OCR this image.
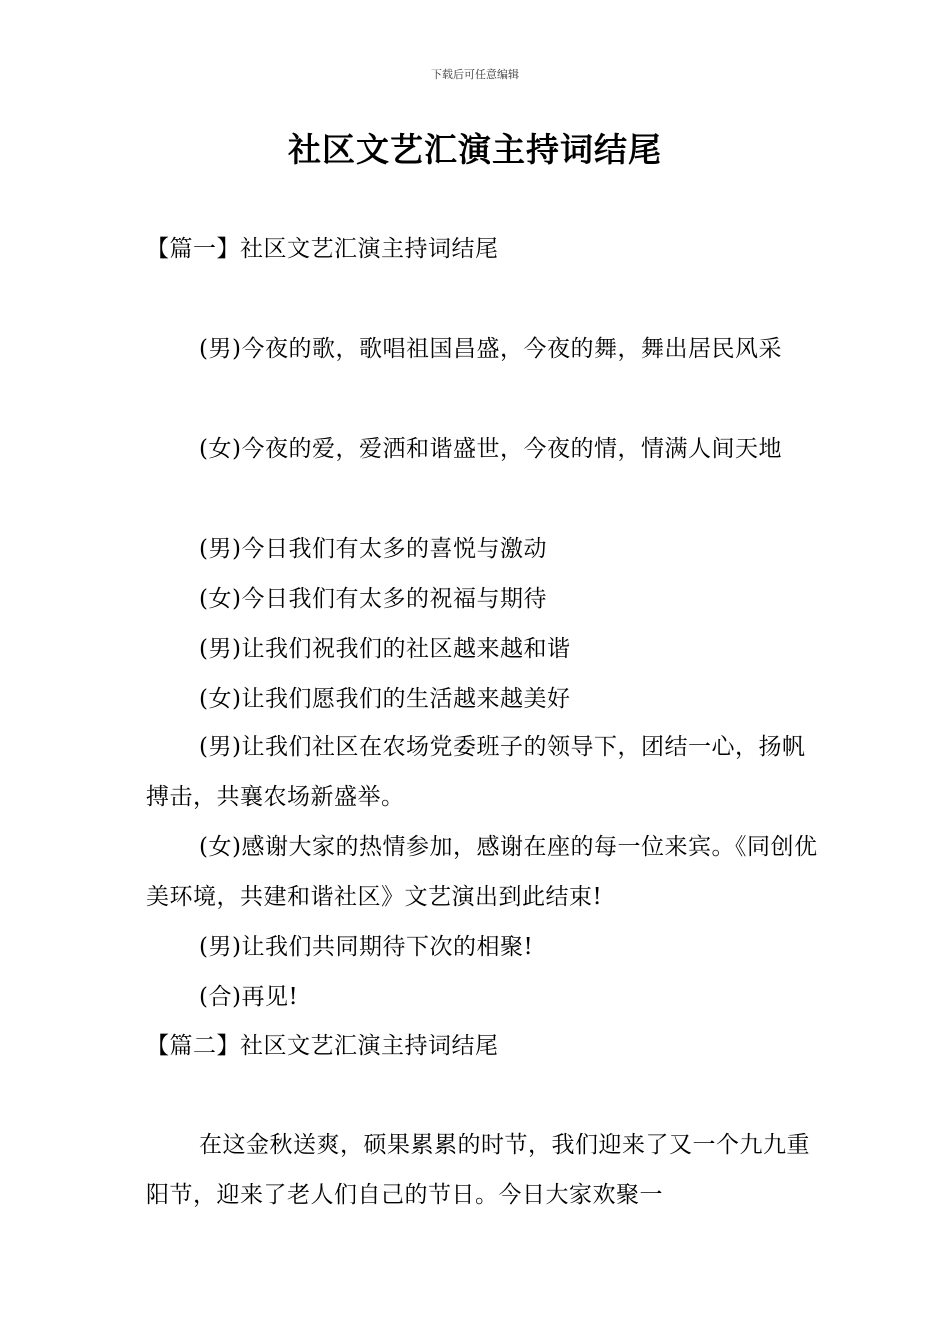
下载后可任意编辑
社区文艺汇演主持词结尾
【篇一】社区文艺汇演主持词结尾
(男)今夜的歌，歌唱祖国昌盛，今夜的舞，舞出居民风采
(女)今夜的爱，爱洒和谐盛世，今夜的情，情满人间天地
(男)今日我们有太多的喜悦与激动
(女)今日我们有太多的祝福与期待
(男)让我们祝我们的社区越来越和谐
(女)让我们愿我们的生活越来越美好
(男)让我们社区在农场党委班子的领导下，团结一心，扬帆搏击，共襄农场新盛举。
(女)感谢大家的热情参加，感谢在座的每一位来宾。《同创优美环境，共建和谐社区》文艺演出到此结束!
(男)让我们共同期待下次的相聚!
(合)再见!
【篇二】社区文艺汇演主持词结尾
在这金秋送爽，硕果累累的时节，我们迎来了又一个九九重阳节，迎来了老人们自己的节日。今日大家欢聚一
